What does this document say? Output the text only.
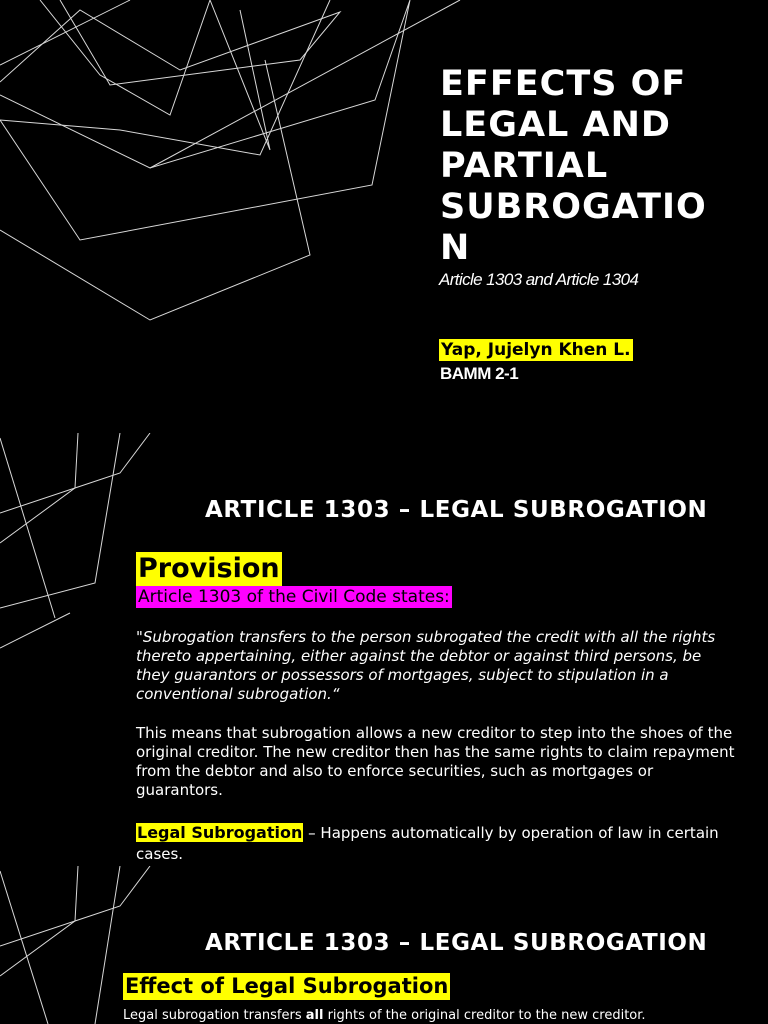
EFFECTS OF
LEGAL AND
PARTIAL
SUBROGATIO
N
Article 1303 and Article 1304
Yap, Jujelyn Khen L.
BAMM 2-1
ARTICLE 1303 – LEGAL SUBROGATION
Provision
Article 1303 of the Civil Code states:
"Subrogation transfers to the person subrogated the credit with all the rights thereto appertaining, either against the debtor or against third persons, be they guarantors or possessors of mortgages, subject to stipulation in a conventional subrogation.“
This means that subrogation allows a new creditor to step into the shoes of the original creditor. The new creditor then has the same rights to claim repayment from the debtor and also to enforce securities, such as mortgages or guarantors.
Legal Subrogation – Happens automatically by operation of law in certain cases.
ARTICLE 1303 – LEGAL SUBROGATION
Effect of Legal Subrogation
Legal subrogation transfers all rights of the original creditor to the new creditor.
